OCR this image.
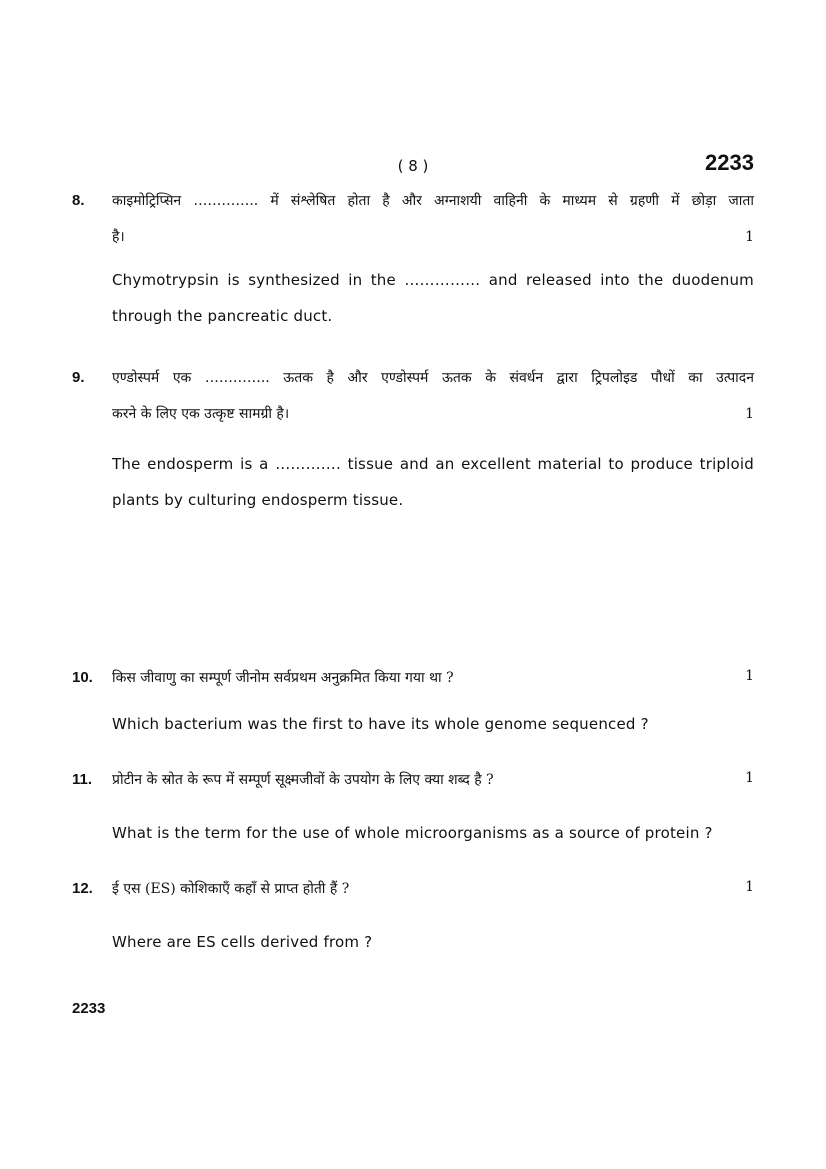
( 8 )	2233
8. काइमोट्रिप्सिन ………….. में संश्लेषित होता है और अग्नाशयी वाहिनी के माध्यम से ग्रहणी में छोड़ा जाता
है।	1
Chymotrypsin is synthesized in the …………… and released into the duodenum
through the pancreatic duct.
9. एण्डोस्पर्म एक ………….. ऊतक है और एण्डोस्पर्म ऊतक के संवर्धन द्वारा ट्रिपलोइड पौधों का उत्पादन
करने के लिए एक उत्कृष्ट सामग्री है।	1
The endosperm is a …………. tissue and an excellent material to produce triploid
plants by culturing endosperm tissue.
10. किस जीवाणु का सम्पूर्ण जीनोम सर्वप्रथम अनुक्रमित किया गया था ?	1
Which bacterium was the first to have its whole genome sequenced ?
11. प्रोटीन के स्रोत के रूप में सम्पूर्ण सूक्ष्मजीवों के उपयोग के लिए क्या शब्द है ?	1
What is the term for the use of whole microorganisms as a source of protein ?
12. ई एस (ES) कोशिकाएँ कहाँ से प्राप्त होती हैं ?	1
Where are ES cells derived from ?
2233
